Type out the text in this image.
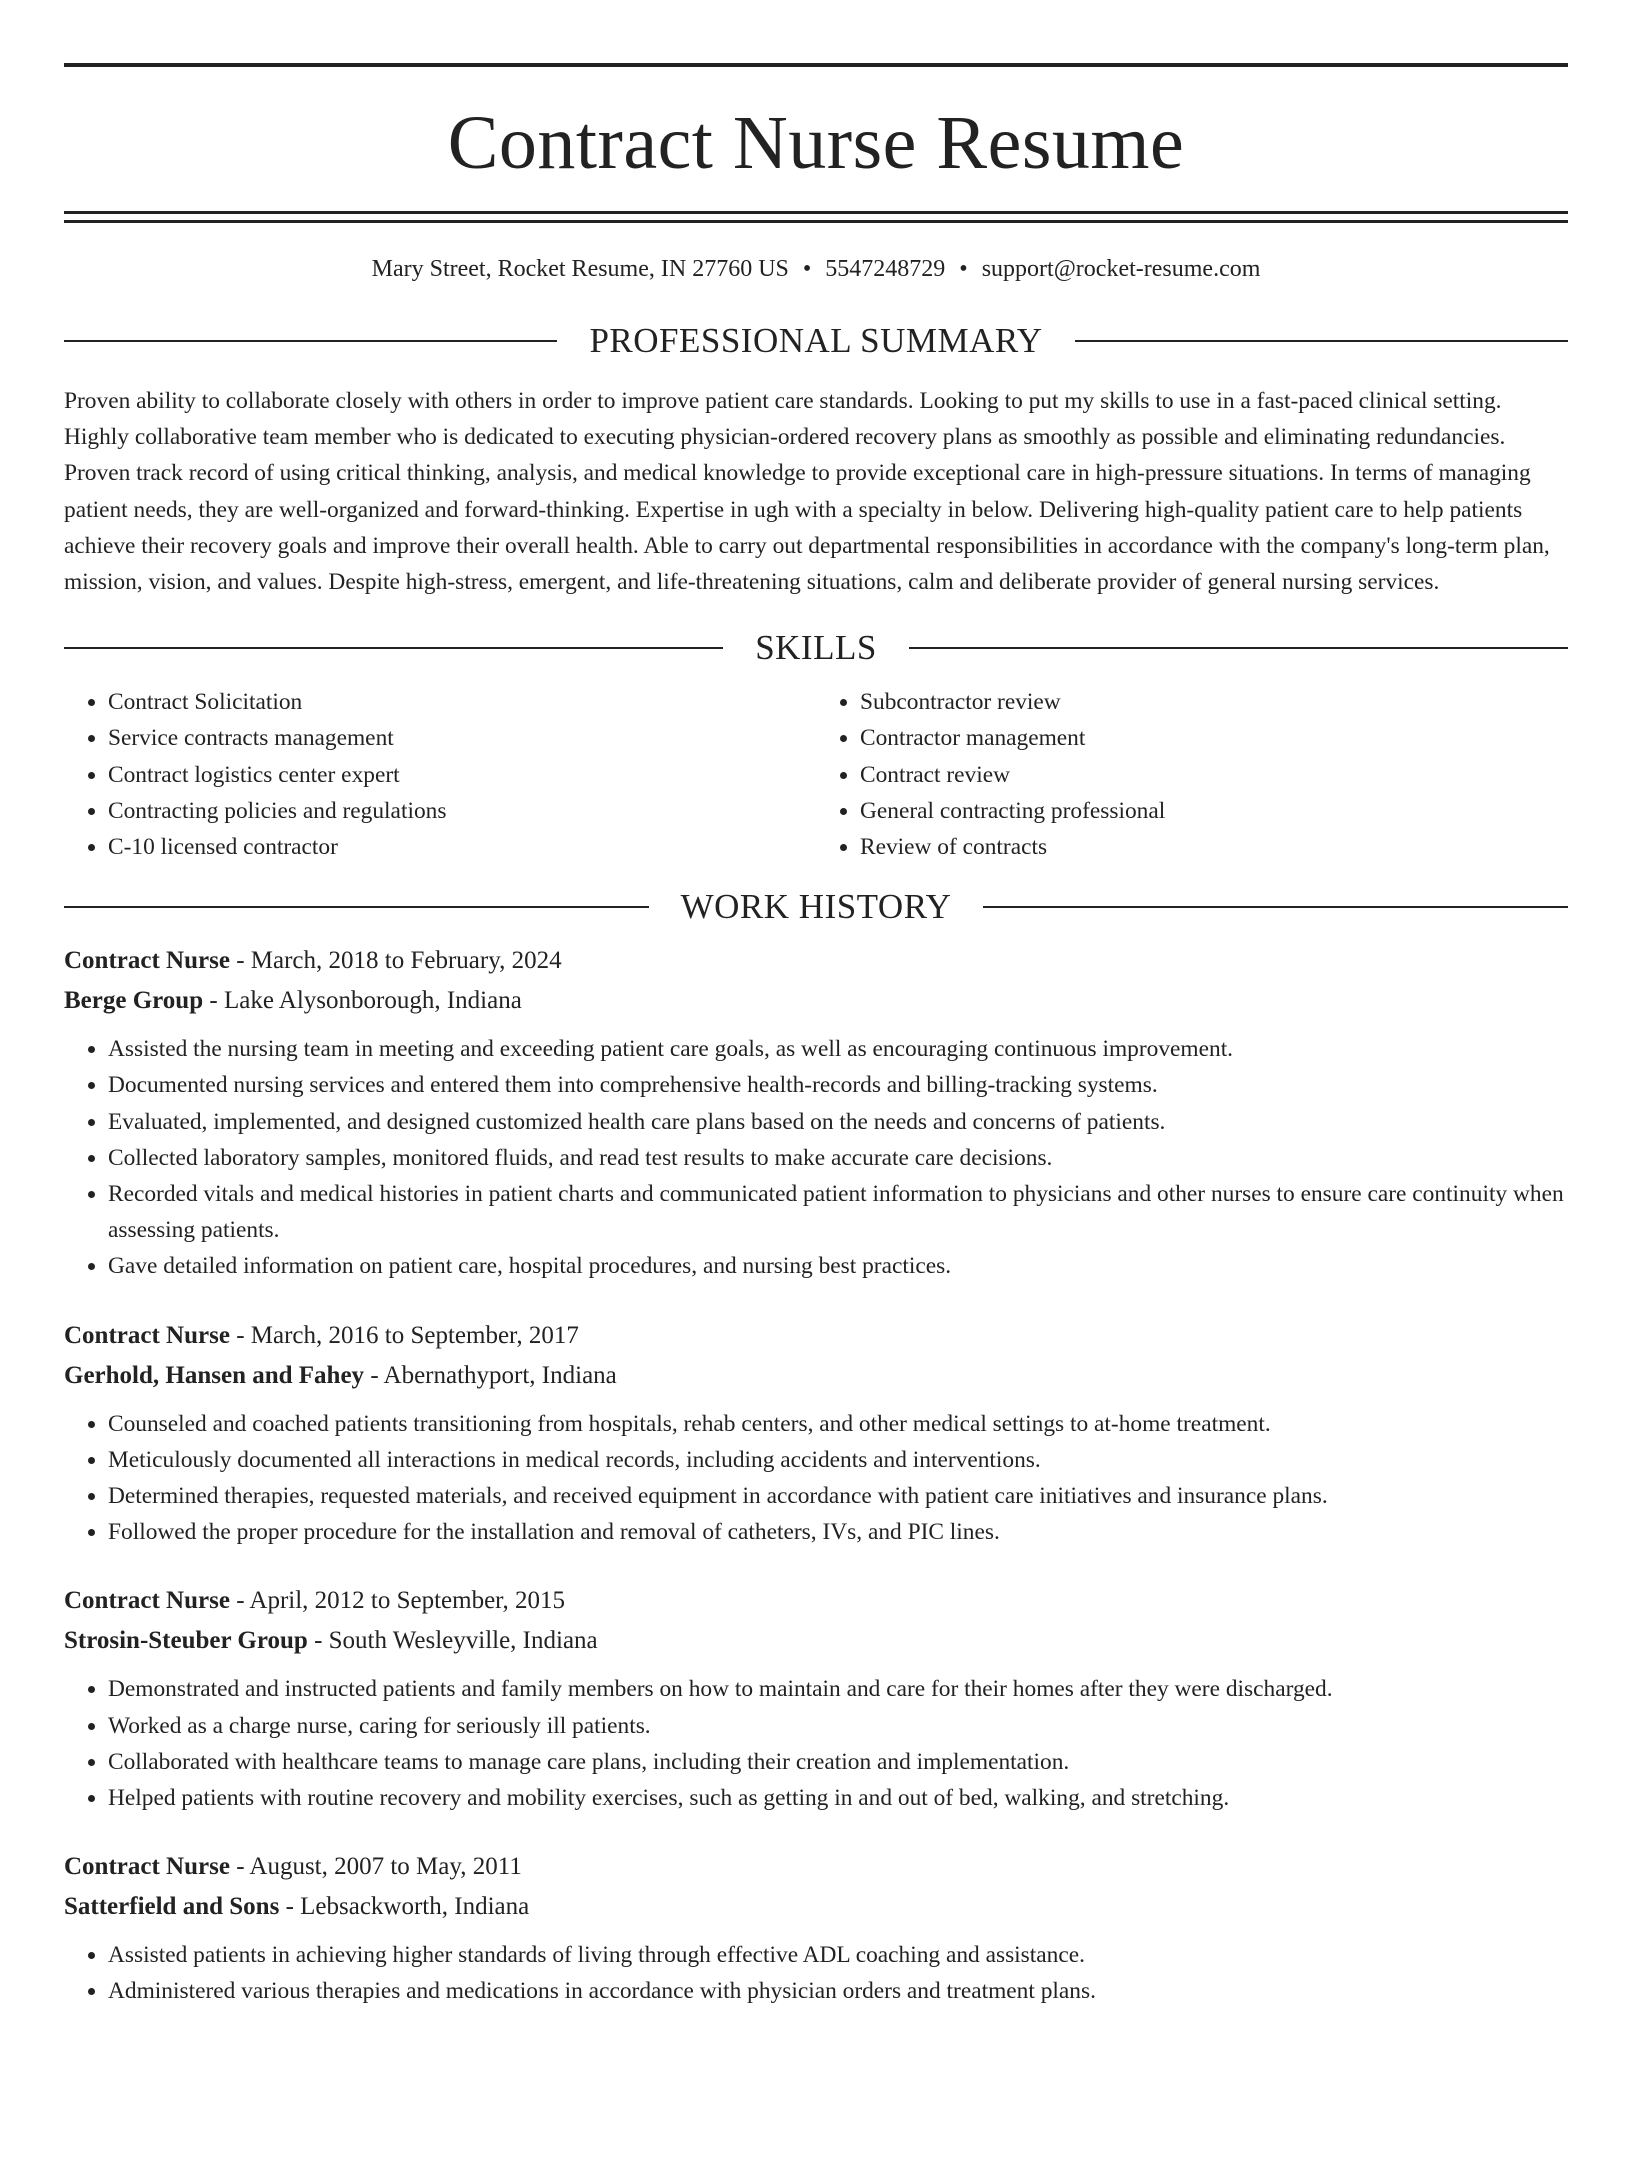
Contract Nurse Resume
Mary Street, Rocket Resume, IN 27760 US • 5547248729 • support@rocket-resume.com
PROFESSIONAL SUMMARY
Proven ability to collaborate closely with others in order to improve patient care standards. Looking to put my skills to use in a fast-paced clinical setting. Highly collaborative team member who is dedicated to executing physician-ordered recovery plans as smoothly as possible and eliminating redundancies. Proven track record of using critical thinking, analysis, and medical knowledge to provide exceptional care in high-pressure situations. In terms of managing patient needs, they are well-organized and forward-thinking. Expertise in ugh with a specialty in below. Delivering high-quality patient care to help patients achieve their recovery goals and improve their overall health. Able to carry out departmental responsibilities in accordance with the company's long-term plan, mission, vision, and values. Despite high-stress, emergent, and life-threatening situations, calm and deliberate provider of general nursing services.
SKILLS
• Contract Solicitation
• Service contracts management
• Contract logistics center expert
• Contracting policies and regulations
• C-10 licensed contractor
• Subcontractor review
• Contractor management
• Contract review
• General contracting professional
• Review of contracts
WORK HISTORY
Contract Nurse - March, 2018 to February, 2024
Berge Group - Lake Alysonborough, Indiana
• Assisted the nursing team in meeting and exceeding patient care goals, as well as encouraging continuous improvement.
• Documented nursing services and entered them into comprehensive health-records and billing-tracking systems.
• Evaluated, implemented, and designed customized health care plans based on the needs and concerns of patients.
• Collected laboratory samples, monitored fluids, and read test results to make accurate care decisions.
• Recorded vitals and medical histories in patient charts and communicated patient information to physicians and other nurses to ensure care continuity when assessing patients.
• Gave detailed information on patient care, hospital procedures, and nursing best practices.
Contract Nurse - March, 2016 to September, 2017
Gerhold, Hansen and Fahey - Abernathyport, Indiana
• Counseled and coached patients transitioning from hospitals, rehab centers, and other medical settings to at-home treatment.
• Meticulously documented all interactions in medical records, including accidents and interventions.
• Determined therapies, requested materials, and received equipment in accordance with patient care initiatives and insurance plans.
• Followed the proper procedure for the installation and removal of catheters, IVs, and PIC lines.
Contract Nurse - April, 2012 to September, 2015
Strosin-Steuber Group - South Wesleyville, Indiana
• Demonstrated and instructed patients and family members on how to maintain and care for their homes after they were discharged.
• Worked as a charge nurse, caring for seriously ill patients.
• Collaborated with healthcare teams to manage care plans, including their creation and implementation.
• Helped patients with routine recovery and mobility exercises, such as getting in and out of bed, walking, and stretching.
Contract Nurse - August, 2007 to May, 2011
Satterfield and Sons - Lebsackworth, Indiana
• Assisted patients in achieving higher standards of living through effective ADL coaching and assistance.
• Administered various therapies and medications in accordance with physician orders and treatment plans.
